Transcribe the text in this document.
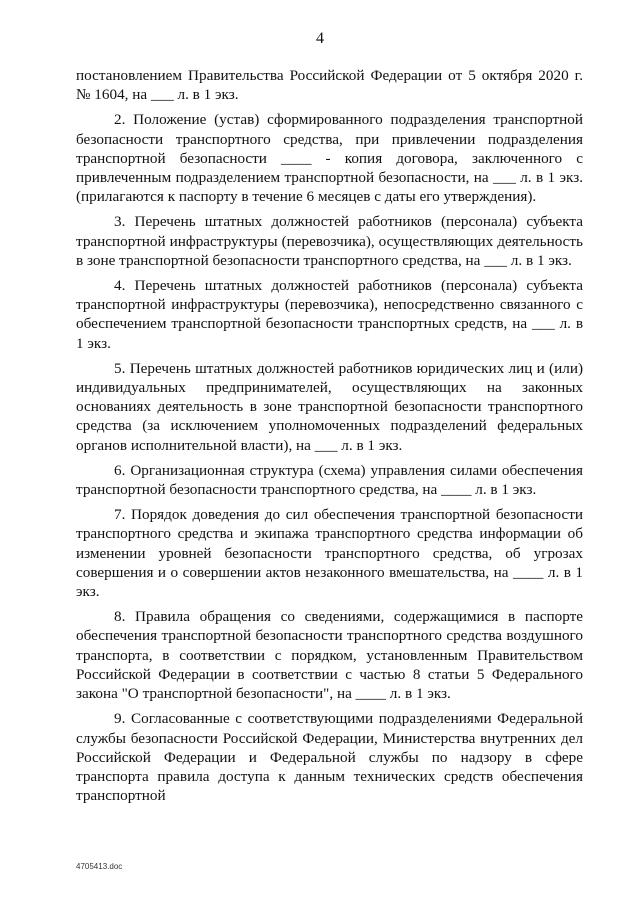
4

постановлением Правительства Российской Федерации от 5 октября 2020 г. № 1604, на ___ л. в 1 экз.

2. Положение (устав) сформированного подразделения транспортной безопасности транспортного средства, при привлечении подразделения транспортной безопасности ____ - копия договора, заключенного с привлеченным подразделением транспортной безопасности, на ___ л. в 1 экз. (прилагаются к паспорту в течение 6 месяцев с даты его утверждения).

3. Перечень штатных должностей работников (персонала) субъекта транспортной инфраструктуры (перевозчика), осуществляющих деятельность в зоне транспортной безопасности транспортного средства, на ___ л. в 1 экз.

4. Перечень штатных должностей работников (персонала) субъекта транспортной инфраструктуры (перевозчика), непосредственно связанного с обеспечением транспортной безопасности транспортных средств, на ___ л. в 1 экз.

5. Перечень штатных должностей работников юридических лиц и (или) индивидуальных предпринимателей, осуществляющих на законных основаниях деятельность в зоне транспортной безопасности транспортного средства (за исключением уполномоченных подразделений федеральных органов исполнительной власти), на ___ л. в 1 экз.

6. Организационная структура (схема) управления силами обеспечения транспортной безопасности транспортного средства, на ____ л. в 1 экз.

7. Порядок доведения до сил обеспечения транспортной безопасности транспортного средства и экипажа транспортного средства информации об изменении уровней безопасности транспортного средства, об угрозах совершения и о совершении актов незаконного вмешательства, на ____ л. в 1 экз.

8. Правила обращения со сведениями, содержащимися в паспорте обеспечения транспортной безопасности транспортного средства воздушного транспорта, в соответствии с порядком, установленным Правительством Российской Федерации в соответствии с частью 8 статьи 5 Федерального закона "О транспортной безопасности", на ____ л. в 1 экз.

9. Согласованные с соответствующими подразделениями Федеральной службы безопасности Российской Федерации, Министерства внутренних дел Российской Федерации и Федеральной службы по надзору в сфере транспорта правила доступа к данным технических средств обеспечения транспортной

4705413.doc
